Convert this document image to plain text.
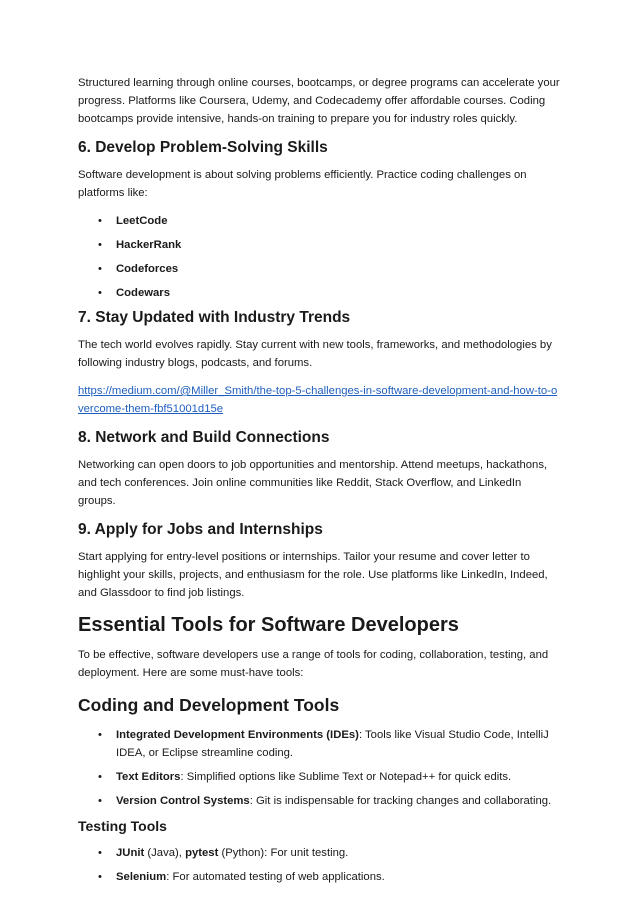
Structured learning through online courses, bootcamps, or degree programs can accelerate your progress. Platforms like Coursera, Udemy, and Codecademy offer affordable courses. Coding bootcamps provide intensive, hands-on training to prepare you for industry roles quickly.

6. Develop Problem-Solving Skills

Software development is about solving problems efficiently. Practice coding challenges on platforms like:

• LeetCode
• HackerRank
• Codeforces
• Codewars
7. Stay Updated with Industry Trends

The tech world evolves rapidly. Stay current with new tools, frameworks, and methodologies by following industry blogs, podcasts, and forums.

https://medium.com/@Miller_Smith/the-top-5-challenges-in-software-development-and-how-to-overcome-them-fbf51001d15e

8. Network and Build Connections

Networking can open doors to job opportunities and mentorship. Attend meetups, hackathons, and tech conferences. Join online communities like Reddit, Stack Overflow, and LinkedIn groups.

9. Apply for Jobs and Internships

Start applying for entry-level positions or internships. Tailor your resume and cover letter to highlight your skills, projects, and enthusiasm for the role. Use platforms like LinkedIn, Indeed, and Glassdoor to find job listings.

Essential Tools for Software Developers

To be effective, software developers use a range of tools for coding, collaboration, testing, and deployment. Here are some must-have tools:

Coding and Development Tools
• Integrated Development Environments (IDEs): Tools like Visual Studio Code, IntelliJ IDEA, or Eclipse streamline coding.
• Text Editors: Simplified options like Sublime Text or Notepad++ for quick edits.
• Version Control Systems: Git is indispensable for tracking changes and collaborating.
Testing Tools
• JUnit (Java), pytest (Python): For unit testing.
• Selenium: For automated testing of web applications.
